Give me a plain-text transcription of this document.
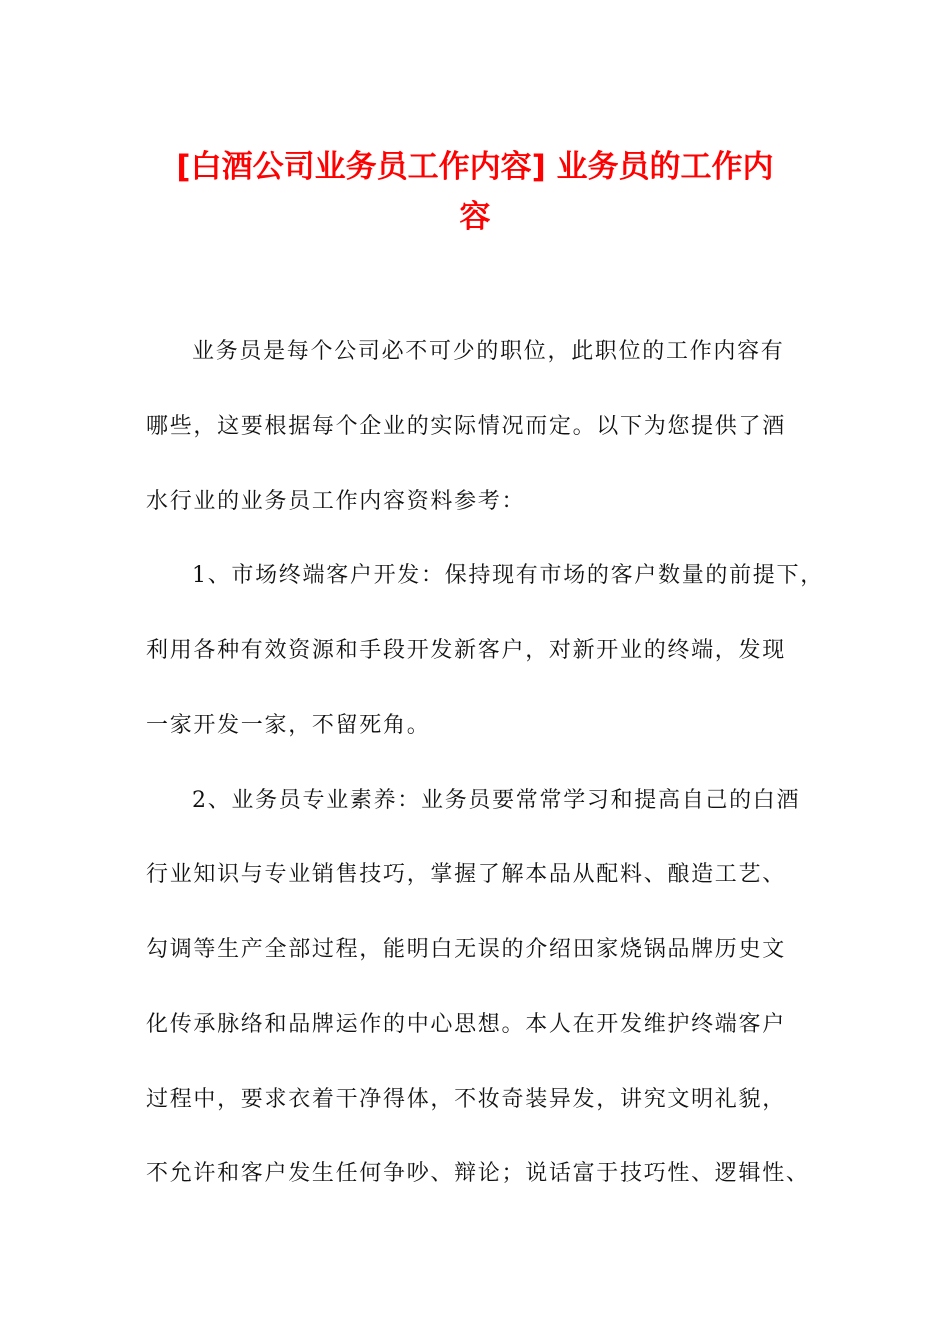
[白酒公司业务员工作内容] 业务员的工作内
容
业务员是每个公司必不可少的职位，此职位的工作内容有
哪些，这要根据每个企业的实际情况而定。以下为您提供了酒
水行业的业务员工作内容资料参考：
1、市场终端客户开发：保持现有市场的客户数量的前提下，
利用各种有效资源和手段开发新客户，对新开业的终端，发现
一家开发一家，不留死角。
2、业务员专业素养：业务员要常常学习和提高自己的白酒
行业知识与专业销售技巧，掌握了解本品从配料、酿造工艺、
勾调等生产全部过程，能明白无误的介绍田家烧锅品牌历史文
化传承脉络和品牌运作的中心思想。本人在开发维护终端客户
过程中，要求衣着干净得体，不妆奇装异发，讲究文明礼貌，
不允许和客户发生任何争吵、辩论；说话富于技巧性、逻辑性、
